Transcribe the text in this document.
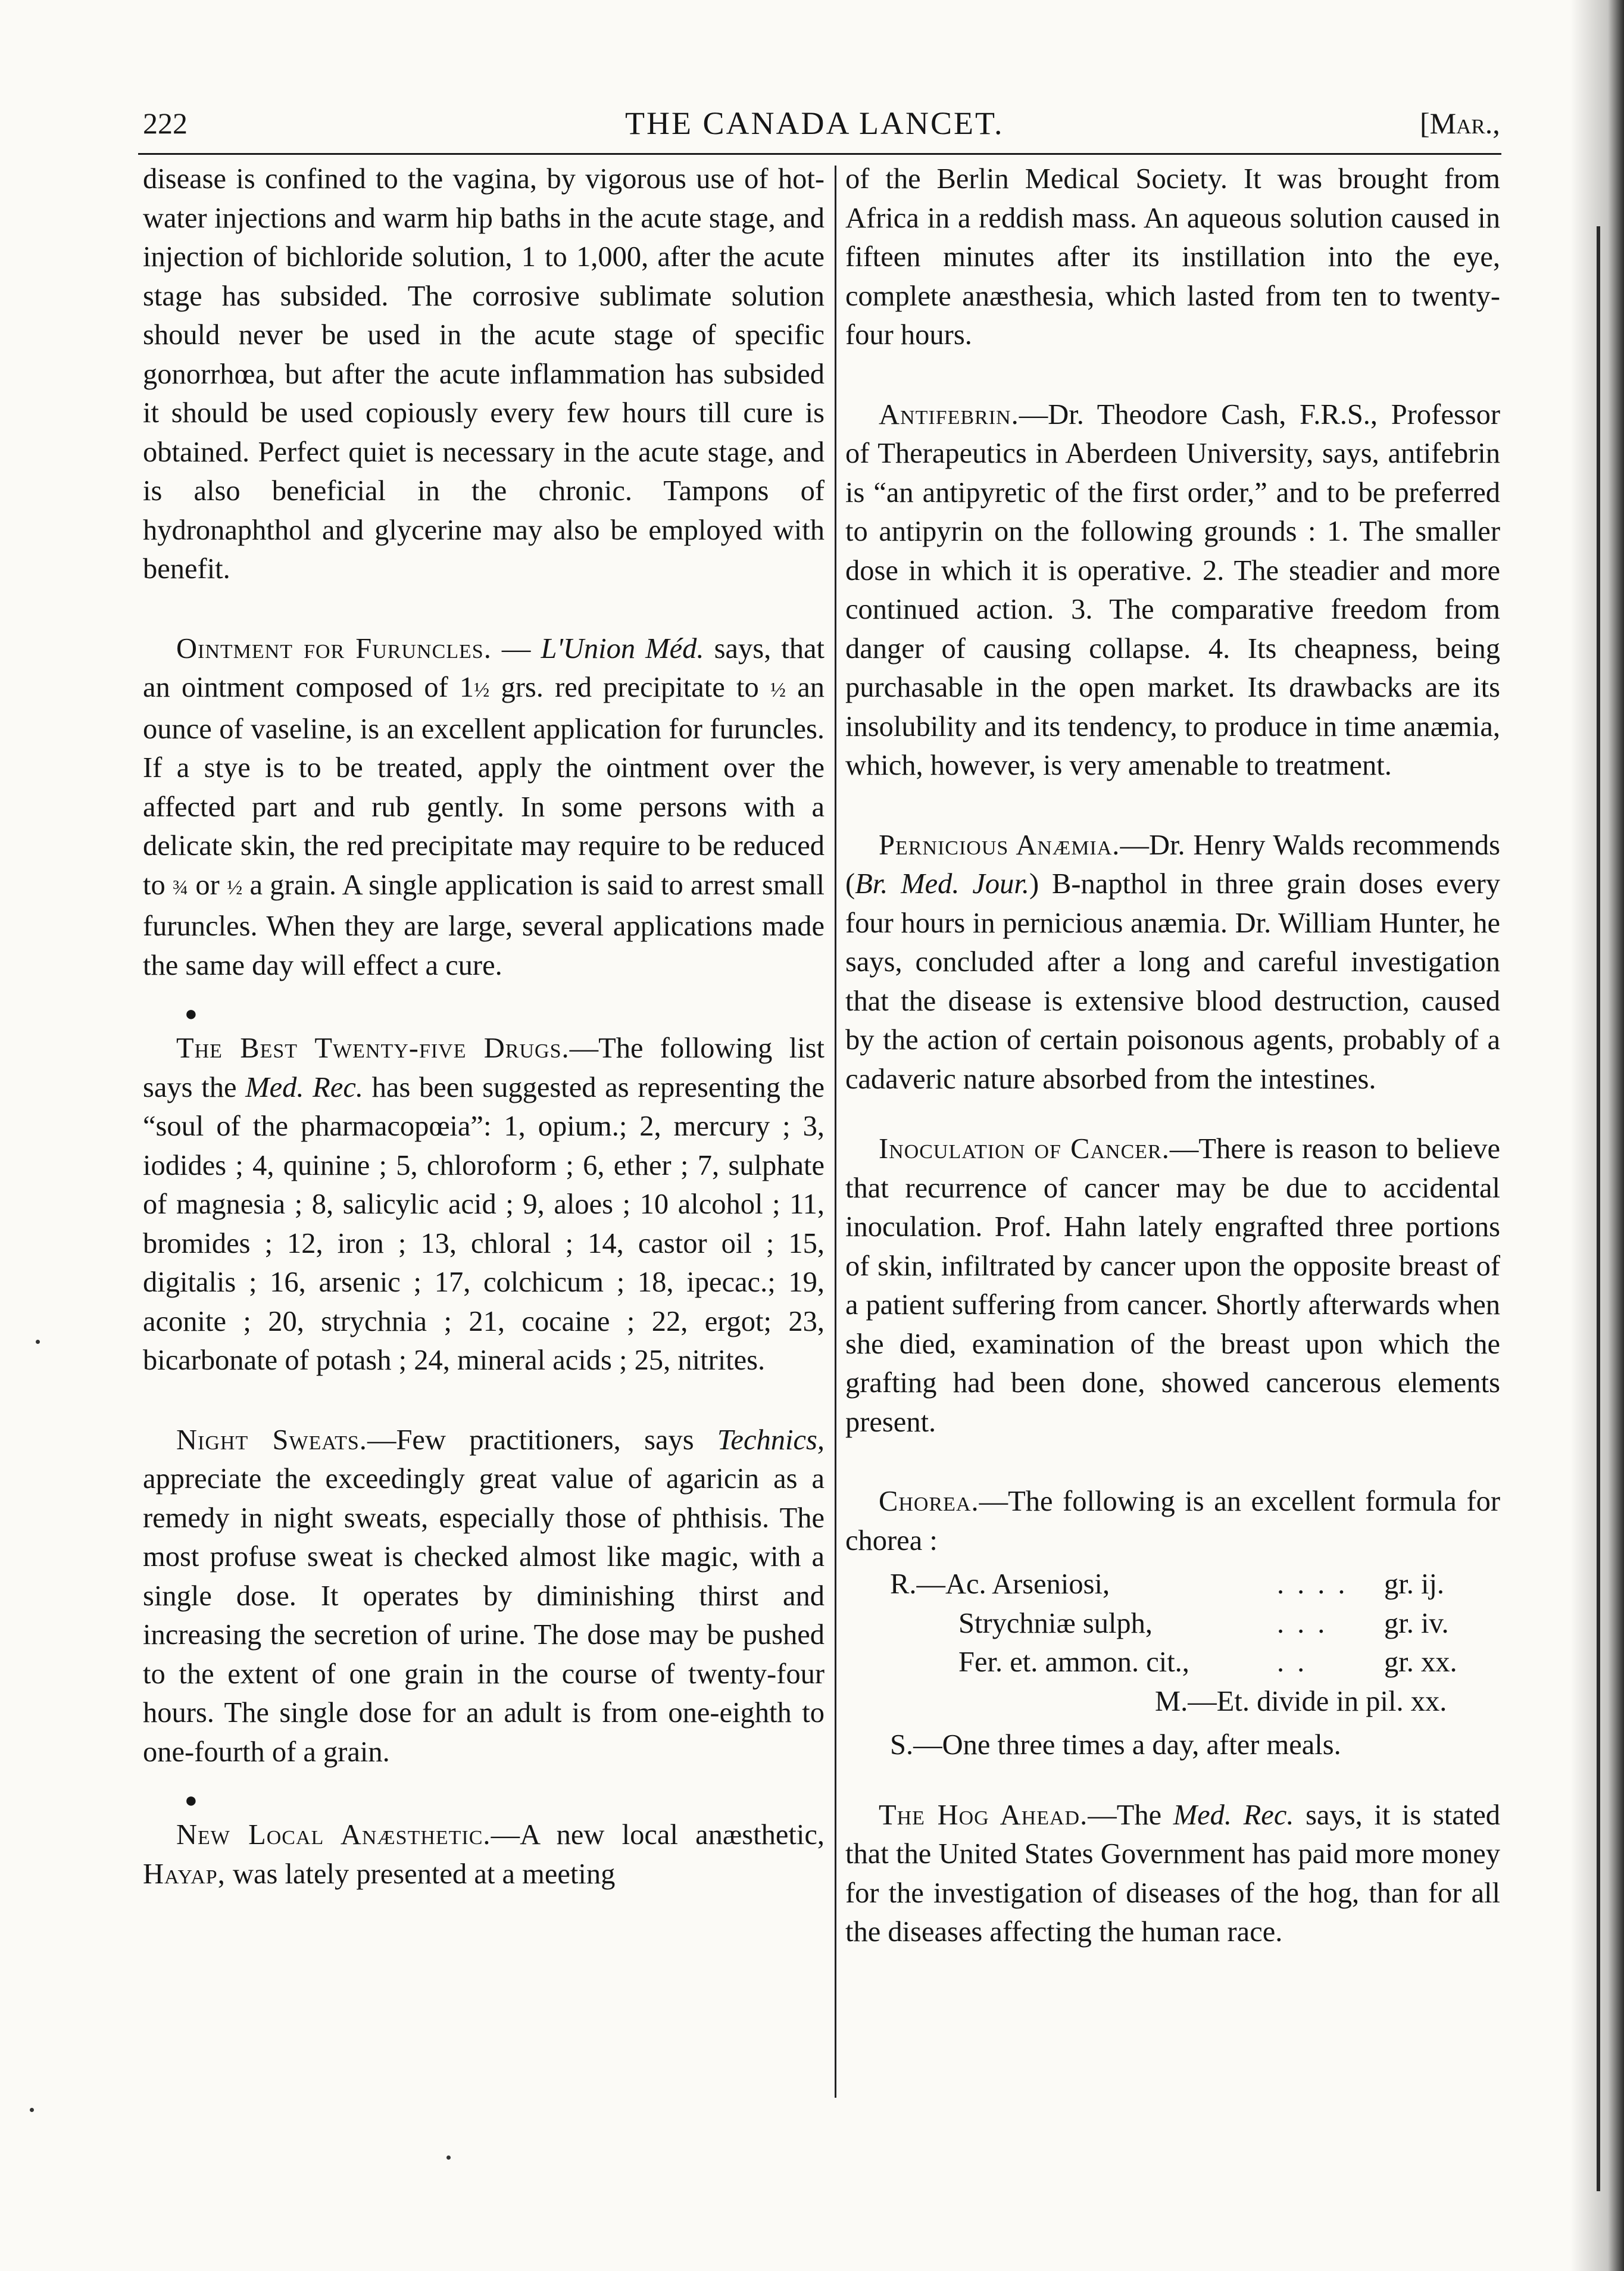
222	THE CANADA LANCET.	[Mar.,

disease is confined to the vagina, by vigorous use of hot-water injections and warm hip baths in the acute stage, and injection of bichloride solution, 1 to 1,000, after the acute stage has subsided. The corrosive sublimate solution should never be used in the acute stage of specific gonorrhœa, but after the acute inflammation has subsided it should be used copiously every few hours till cure is obtained. Perfect quiet is necessary in the acute stage, and is also beneficial in the chronic. Tampons of hydronaphthol and glycerine may also be employed with benefit.

Ointment for Furuncles. — L'Union Méd. says, that an ointment composed of 1½ grs. red precipitate to ½ an ounce of vaseline, is an excellent application for furuncles. If a stye is to be treated, apply the ointment over the affected part and rub gently. In some persons with a delicate skin, the red precipitate may require to be reduced to ¾ or ½ a grain. A single application is said to arrest small furuncles. When they are large, several applications made the same day will effect a cure.

●

The Best Twenty-five Drugs.—The following list says the Med. Rec. has been suggested as representing the “soul of the pharmacopœia”: 1, opium.; 2, mercury ; 3, iodides ; 4, quinine ; 5, chloroform ; 6, ether ; 7, sulphate of magnesia ; 8, salicylic acid ; 9, aloes ; 10 alcohol ; 11, bromides ; 12, iron ; 13, chloral ; 14, castor oil ; 15, digitalis ; 16, arsenic ; 17, colchicum ; 18, ipecac.; 19, aconite ; 20, strychnia ; 21, cocaine ; 22, ergot; 23, bicarbonate of potash ; 24, mineral acids ; 25, nitrites.

Night Sweats.—Few practitioners, says Technics, appreciate the exceedingly great value of agaricin as a remedy in night sweats, especially those of phthisis. The most profuse sweat is checked almost like magic, with a single dose. It operates by diminishing thirst and increasing the secretion of urine. The dose may be pushed to the extent of one grain in the course of twenty-four hours. The single dose for an adult is from one-eighth to one-fourth of a grain.

●

New Local Anæsthetic.—A new local anæsthetic, Hayap, was lately presented at a meeting

of the Berlin Medical Society. It was brought from Africa in a reddish mass. An aqueous solution caused in fifteen minutes after its instillation into the eye, complete anæsthesia, which lasted from ten to twenty-four hours.

Antifebrin.—Dr. Theodore Cash, F.R.S., Professor of Therapeutics in Aberdeen University, says, antifebrin is “an antipyretic of the first order,” and to be preferred to antipyrin on the following grounds : 1. The smaller dose in which it is operative. 2. The steadier and more continued action. 3. The comparative freedom from danger of causing collapse. 4. Its cheapness, being purchasable in the open market. Its drawbacks are its insolubility and its tendency, to produce in time anæmia, which, however, is very amenable to treatment.

Pernicious Anæmia.—Dr. Henry Walds recommends (Br. Med. Jour.) B-napthol in three grain doses every four hours in pernicious anæmia. Dr. William Hunter, he says, concluded after a long and careful investigation that the disease is extensive blood destruction, caused by the action of certain poisonous agents, probably of a cadaveric nature absorbed from the intestines.

Inoculation of Cancer.—There is reason to believe that recurrence of cancer may be due to accidental inoculation. Prof. Hahn lately engrafted three portions of skin, infiltrated by cancer upon the opposite breast of a patient suffering from cancer. Shortly afterwards when she died, examination of the breast upon which the grafting had been done, showed cancerous elements present.

Chorea.—The following is an excellent formula for chorea :

R.—Ac. Arseniosi,	.... gr. ij.
Strychniæ sulph,	...	gr. iv.
Fer. et. ammon. cit.,	..	gr. xx.
M.—Et. divide in pil. xx.
S.—One three times a day, after meals.

The Hog Ahead.—The Med. Rec. says, it is stated that the United States Government has paid more money for the investigation of diseases of the hog, than for all the diseases affecting the human race.
